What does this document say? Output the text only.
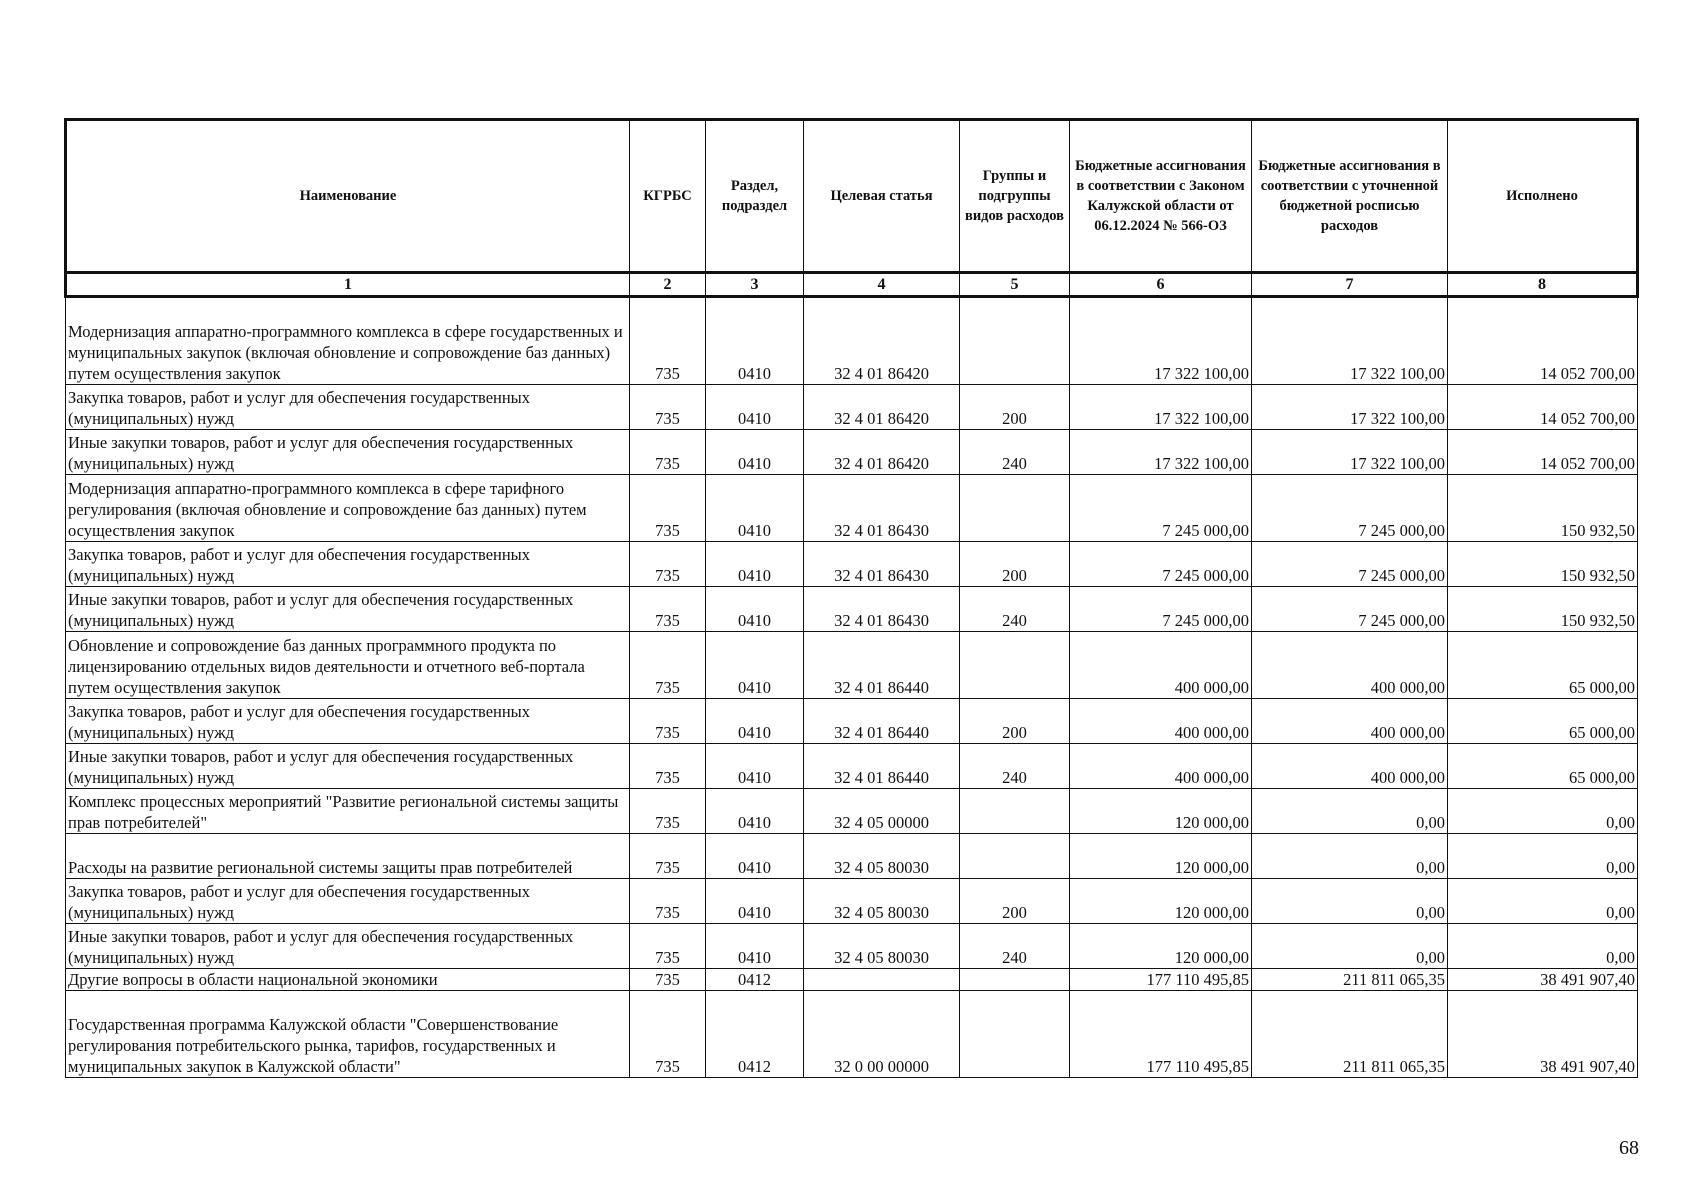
Наименование	КГРБС	Раздел, подраздел	Целевая статья	Группы и подгруппы видов расходов	Бюджетные ассигнования в соответствии с Законом Калужской области от 06.12.2024 № 566-ОЗ	Бюджетные ассигнования в соответствии с уточненной бюджетной росписью расходов	Исполнено
1	2	3	4	5	6	7	8
Модернизация аппаратно-программного комплекса в сфере государственных и муниципальных закупок (включая обновление и сопровождение баз данных) путем осуществления закупок	735	0410	32 4 01 86420		17 322 100,00	17 322 100,00	14 052 700,00
Закупка товаров, работ и услуг для обеспечения государственных (муниципальных) нужд	735	0410	32 4 01 86420	200	17 322 100,00	17 322 100,00	14 052 700,00
Иные закупки товаров, работ и услуг для обеспечения государственных (муниципальных) нужд	735	0410	32 4 01 86420	240	17 322 100,00	17 322 100,00	14 052 700,00
Модернизация аппаратно-программного комплекса в сфере тарифного регулирования (включая обновление и сопровождение баз данных) путем осуществления закупок	735	0410	32 4 01 86430		7 245 000,00	7 245 000,00	150 932,50
Закупка товаров, работ и услуг для обеспечения государственных (муниципальных) нужд	735	0410	32 4 01 86430	200	7 245 000,00	7 245 000,00	150 932,50
Иные закупки товаров, работ и услуг для обеспечения государственных (муниципальных) нужд	735	0410	32 4 01 86430	240	7 245 000,00	7 245 000,00	150 932,50
Обновление и сопровождение баз данных программного продукта по лицензированию отдельных видов деятельности и отчетного веб-портала путем осуществления закупок	735	0410	32 4 01 86440		400 000,00	400 000,00	65 000,00
Закупка товаров, работ и услуг для обеспечения государственных (муниципальных) нужд	735	0410	32 4 01 86440	200	400 000,00	400 000,00	65 000,00
Иные закупки товаров, работ и услуг для обеспечения государственных (муниципальных) нужд	735	0410	32 4 01 86440	240	400 000,00	400 000,00	65 000,00
Комплекс процессных мероприятий "Развитие региональной системы защиты прав потребителей"	735	0410	32 4 05 00000		120 000,00	0,00	0,00
Расходы на развитие региональной системы защиты прав потребителей	735	0410	32 4 05 80030		120 000,00	0,00	0,00
Закупка товаров, работ и услуг для обеспечения государственных (муниципальных) нужд	735	0410	32 4 05 80030	200	120 000,00	0,00	0,00
Иные закупки товаров, работ и услуг для обеспечения государственных (муниципальных) нужд	735	0410	32 4 05 80030	240	120 000,00	0,00	0,00
Другие вопросы в области национальной экономики	735	0412			177 110 495,85	211 811 065,35	38 491 907,40
Государственная программа Калужской области "Совершенствование регулирования потребительского рынка, тарифов, государственных и муниципальных закупок в Калужской области"	735	0412	32 0 00 00000		177 110 495,85	211 811 065,35	38 491 907,40
68
